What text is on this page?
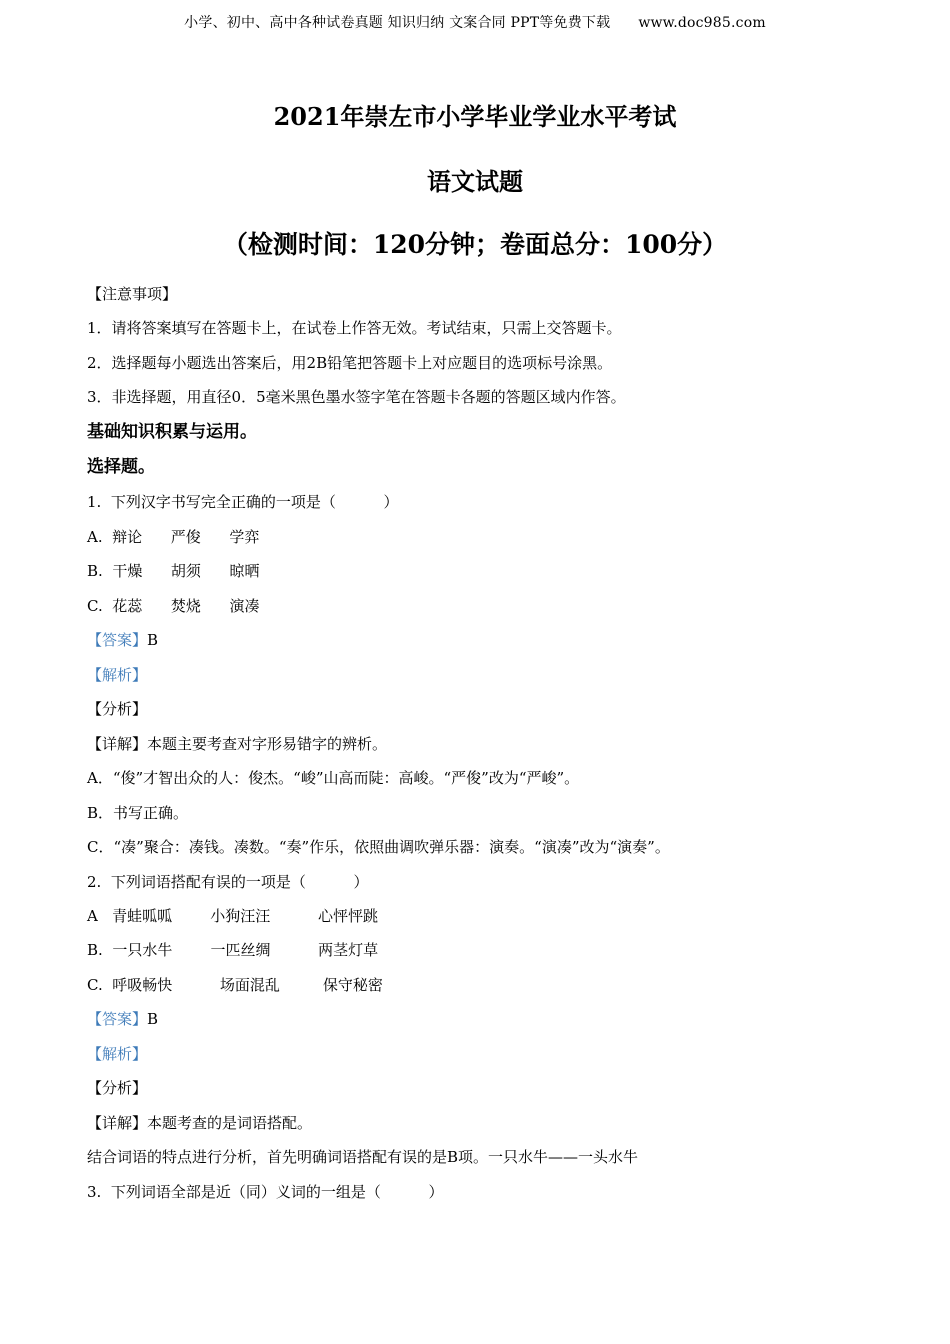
小学、初中、高中各种试卷真题 知识归纳 文案合同 PPT等免费下载 www.doc985.com
2021年崇左市小学毕业学业水平考试
语文试题
（检测时间：120分钟；卷面总分：100分）
【注意事项】
1．请将答案填写在答题卡上，在试卷上作答无效。考试结束，只需上交答题卡。
2．选择题每小题选出答案后，用2B铅笔把答题卡上对应题目的选项标号涂黑。
3．非选择题，用直径0．5毫米黑色墨水签字笔在答题卡各题的答题区域内作答。
基础知识积累与运用。
选择题。
1.  下列汉字书写完全正确的一项是（          ）
A.  辩论      严俊      学弈
B.  干燥      胡须      晾晒
C.  花蕊      焚烧      演凑
【答案】B
【解析】
【分析】
【详解】本题主要考查对字形易错字的辨析。
A．“俊”才智出众的人：俊杰。“峻”山高而陡：高峻。“严俊”改为“严峻”。
B．书写正确。
C．“凑”聚合：凑钱。凑数。“奏”作乐，依照曲调吹弹乐器：演奏。“演凑”改为“演奏”。
2.  下列词语搭配有误的一项是（          ）
A   青蛙呱呱        小狗汪汪          心怦怦跳
B.  一只水牛        一匹丝绸          两茎灯草
C.  呼吸畅快          场面混乱         保守秘密
【答案】B
【解析】
【分析】
【详解】本题考查的是词语搭配。
结合词语的特点进行分析，首先明确词语搭配有误的是B项。一只水牛——一头水牛
3.  下列词语全部是近（同）义词的一组是（          ）
